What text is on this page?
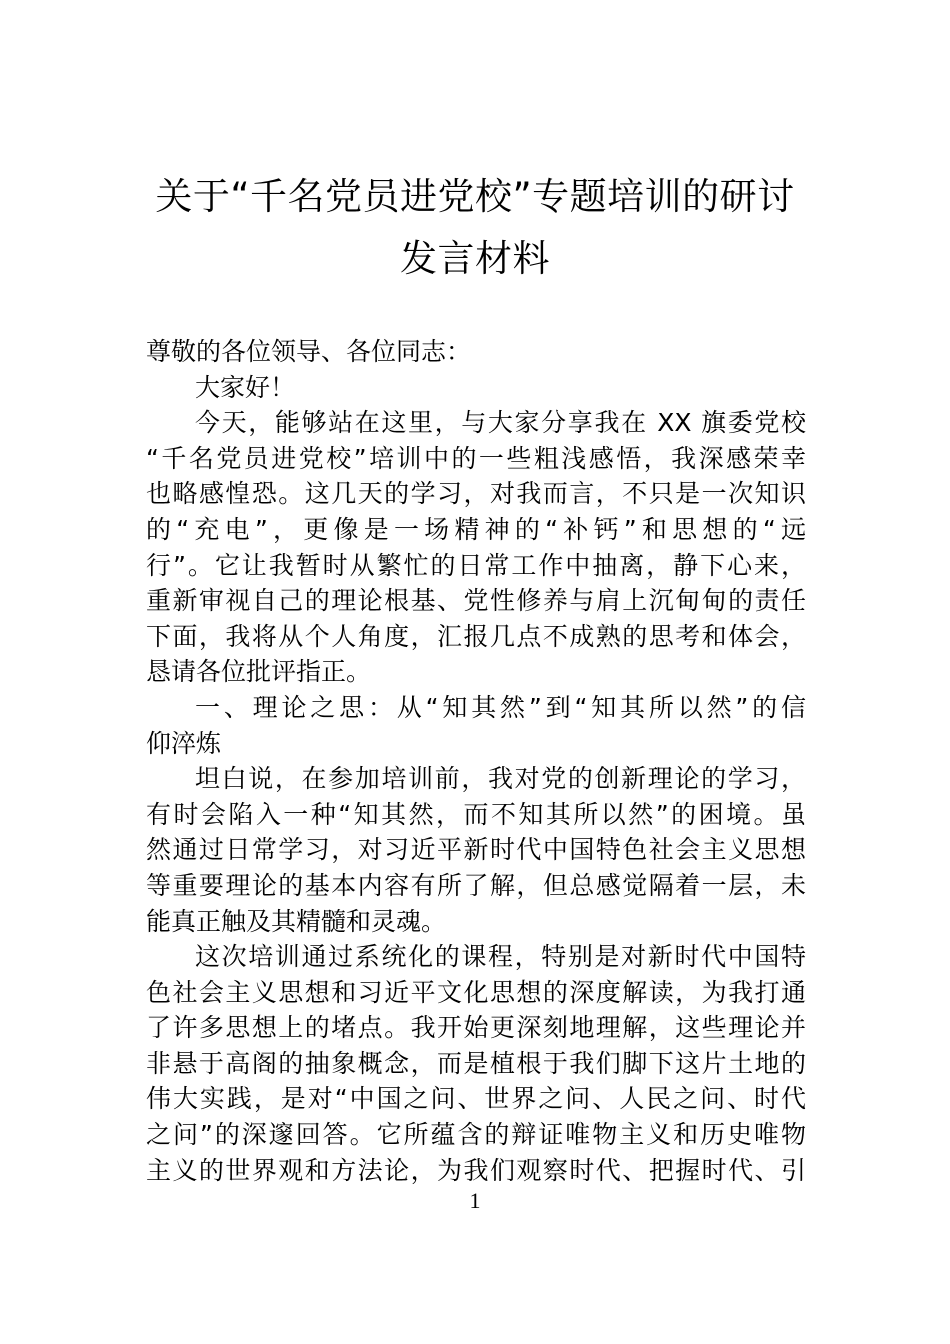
关于“千名党员进党校”专题培训的研讨
发言材料
尊敬的各位领导、各位同志：
大家好！
今天，能够站在这里，与大家分享我在 XX 旗委党校
“千名党员进党校”培训中的一些粗浅感悟，我深感荣幸
也略感惶恐。这几天的学习，对我而言，不只是一次知识
的“充电”，更像是一场精神的“补钙”和思想的“远
行”。它让我暂时从繁忙的日常工作中抽离，静下心来，
重新审视自己的理论根基、党性修养与肩上沉甸甸的责任
下面，我将从个人角度，汇报几点不成熟的思考和体会，
恳请各位批评指正。
一、理论之思：从“知其然”到“知其所以然”的信
仰淬炼
坦白说，在参加培训前，我对党的创新理论的学习，
有时会陷入一种“知其然，而不知其所以然”的困境。虽
然通过日常学习，对习近平新时代中国特色社会主义思想
等重要理论的基本内容有所了解，但总感觉隔着一层，未
能真正触及其精髓和灵魂。
这次培训通过系统化的课程，特别是对新时代中国特
色社会主义思想和习近平文化思想的深度解读，为我打通
了许多思想上的堵点。我开始更深刻地理解，这些理论并
非悬于高阁的抽象概念，而是植根于我们脚下这片土地的
伟大实践，是对“中国之问、世界之问、人民之问、时代
之问”的深邃回答。它所蕴含的辩证唯物主义和历史唯物
主义的世界观和方法论，为我们观察时代、把握时代、引
1
